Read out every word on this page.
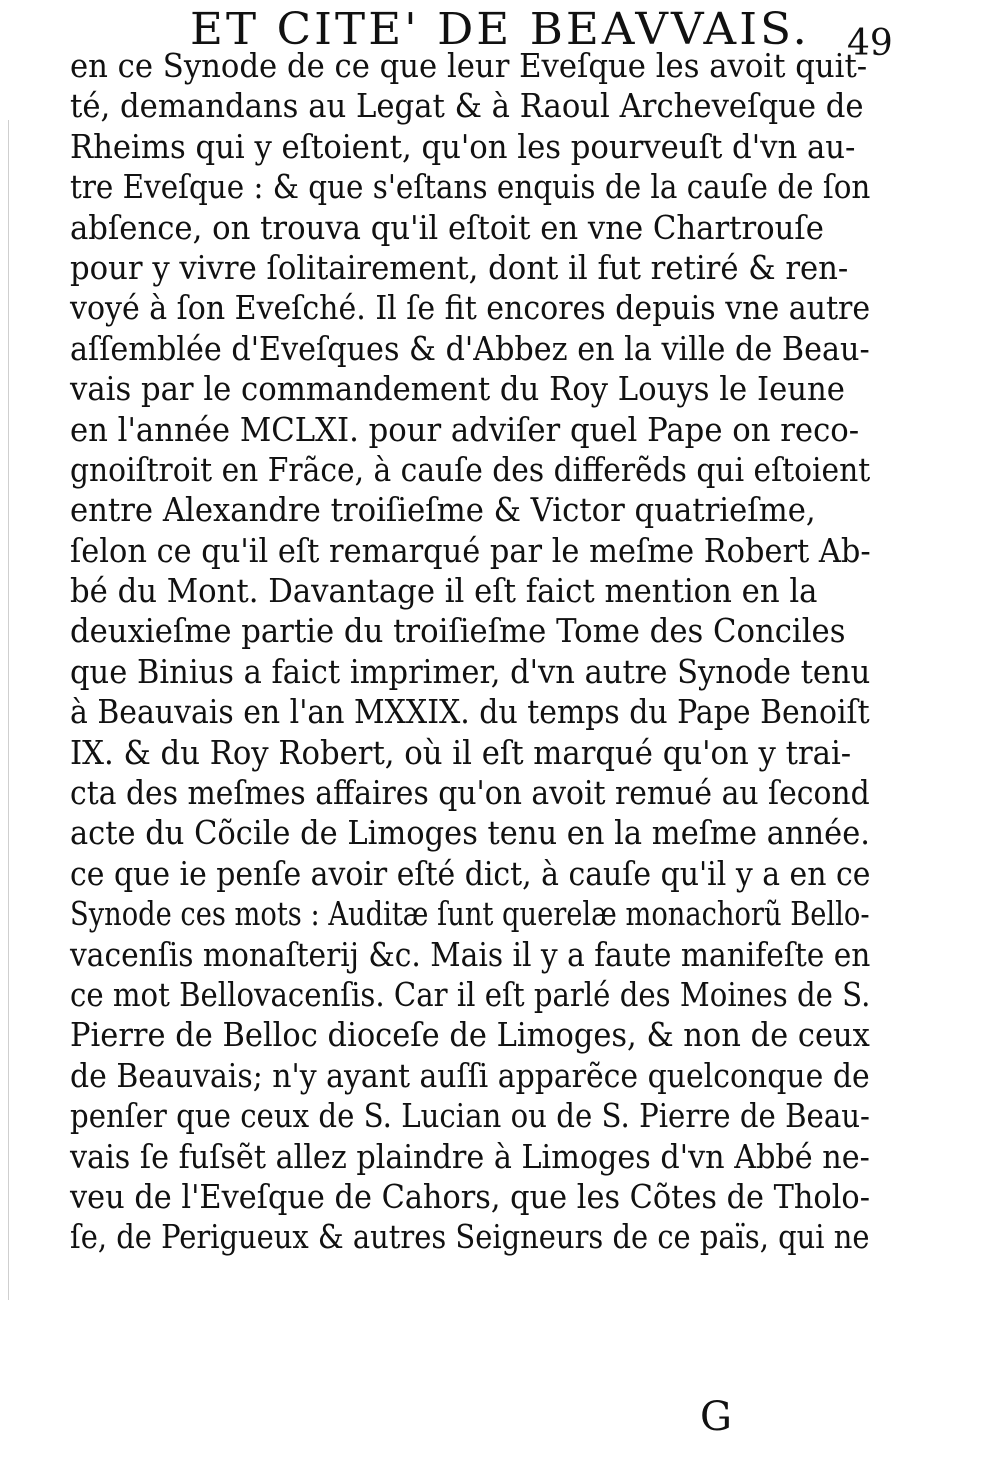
ET CITE' DE BEAVVAIS. 49
en ce Synode de ce que leur Eveſque les avoit quit-
té, demandans au Legat & à Raoul Archeveſque de
Rheims qui y eſtoient, qu'on les pourveuſt d'vn au-
tre Eveſque : & que s'eſtans enquis de la cauſe de ſon
abſence, on trouva qu'il eſtoit en vne Chartrouſe
pour y vivre ſolitairement, dont il fut retiré & ren-
voyé à ſon Eveſché. Il ſe fit encores depuis vne autre
aſſemblée d'Eveſques & d'Abbez en la ville de Beau-
vais par le commandement du Roy Louys le Ieune
en l'année MCLXI. pour adviſer quel Pape on reco-
gnoiſtroit en Frãce, à cauſe des differẽds qui eſtoient
entre Alexandre troiſieſme & Victor quatrieſme,
ſelon ce qu'il eſt remarqué par le meſme Robert Ab-
bé du Mont. Davantage il eſt faict mention en la
deuxieſme partie du troiſieſme Tome des Conciles
que Binius a faict imprimer, d'vn autre Synode tenu
à Beauvais en l'an MXXIX. du temps du Pape Benoiſt
IX. & du Roy Robert, où il eſt marqué qu'on y trai-
cta des meſmes affaires qu'on avoit remué au ſecond
acte du Cõcile de Limoges tenu en la meſme année.
ce que ie penſe avoir eſté dict, à cauſe qu'il y a en ce
Synode ces mots : Auditæ ſunt querelæ monachorũ Bello-
vacenſis monaſterij &c. Mais il y a faute manifeſte en
ce mot Bellovacenſis. Car il eſt parlé des Moines de S.
Pierre de Belloc dioceſe de Limoges, & non de ceux
de Beauvais; n'y ayant auſſi apparẽce quelconque de
penſer que ceux de S. Lucian ou de S. Pierre de Beau-
vais ſe fuſsẽt allez plaindre à Limoges d'vn Abbé ne-
veu de l'Eveſque de Cahors, que les Cõtes de Tholo-
ſe, de Perigueux & autres Seigneurs de ce païs, qui ne
G
